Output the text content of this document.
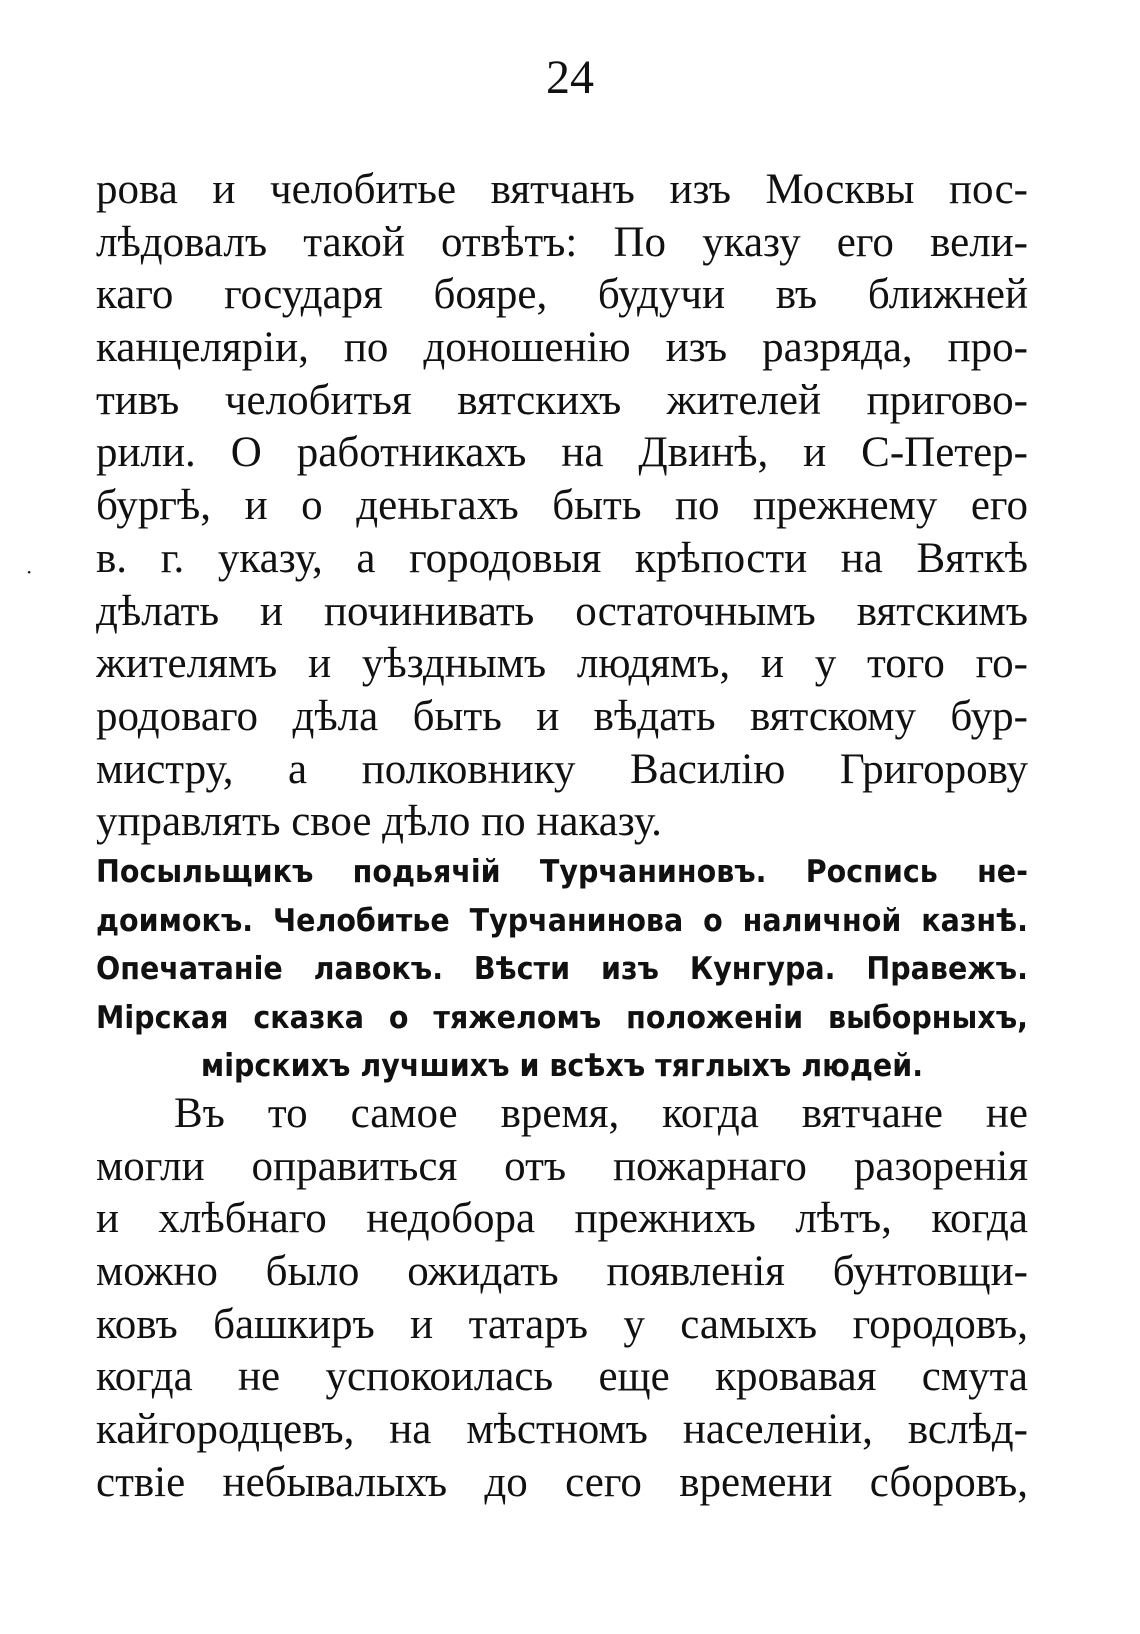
24
·
рова и челобитье вятчанъ изъ Москвы пос-
лѣдовалъ такой отвѣтъ: По указу его вели-
каго государя бояре, будучи въ ближней
канцеляріи, по доношенію изъ разряда, про-
тивъ челобитья вятскихъ жителей пригово-
рили. О работникахъ на Двинѣ, и С-Петер-
бургѣ, и о деньгахъ быть по прежнему его
в. г. указу, а городовыя крѣпости на Вяткѣ
дѣлать и починивать остаточнымъ вятскимъ
жителямъ и уѣзднымъ людямъ, и у того го-
родоваго дѣла быть и вѣдать вятскому бур-
мистру, а полковнику Василію Григорову
управлять свое дѣло по наказу.
Посыльщикъ подьячій Турчаниновъ. Роспись не-
доимокъ. Челобитье Турчанинова о наличной казнѣ.
Опечатаніе лавокъ. Вѣсти изъ Кунгура. Правежъ.
Мірская сказка о тяжеломъ положеніи выборныхъ,
мірскихъ лучшихъ и всѣхъ тяглыхъ людей.
Въ то самое время, когда вятчане не
могли оправиться отъ пожарнаго разоренія
и хлѣбнаго недобора прежнихъ лѣтъ, когда
можно было ожидать появленія бунтовщи-
ковъ башкиръ и татаръ у самыхъ городовъ,
когда не успокоилась еще кровавая смута
кайгородцевъ, на мѣстномъ населеніи, вслѣд-
ствіе небывалыхъ до сего времени сборовъ,
